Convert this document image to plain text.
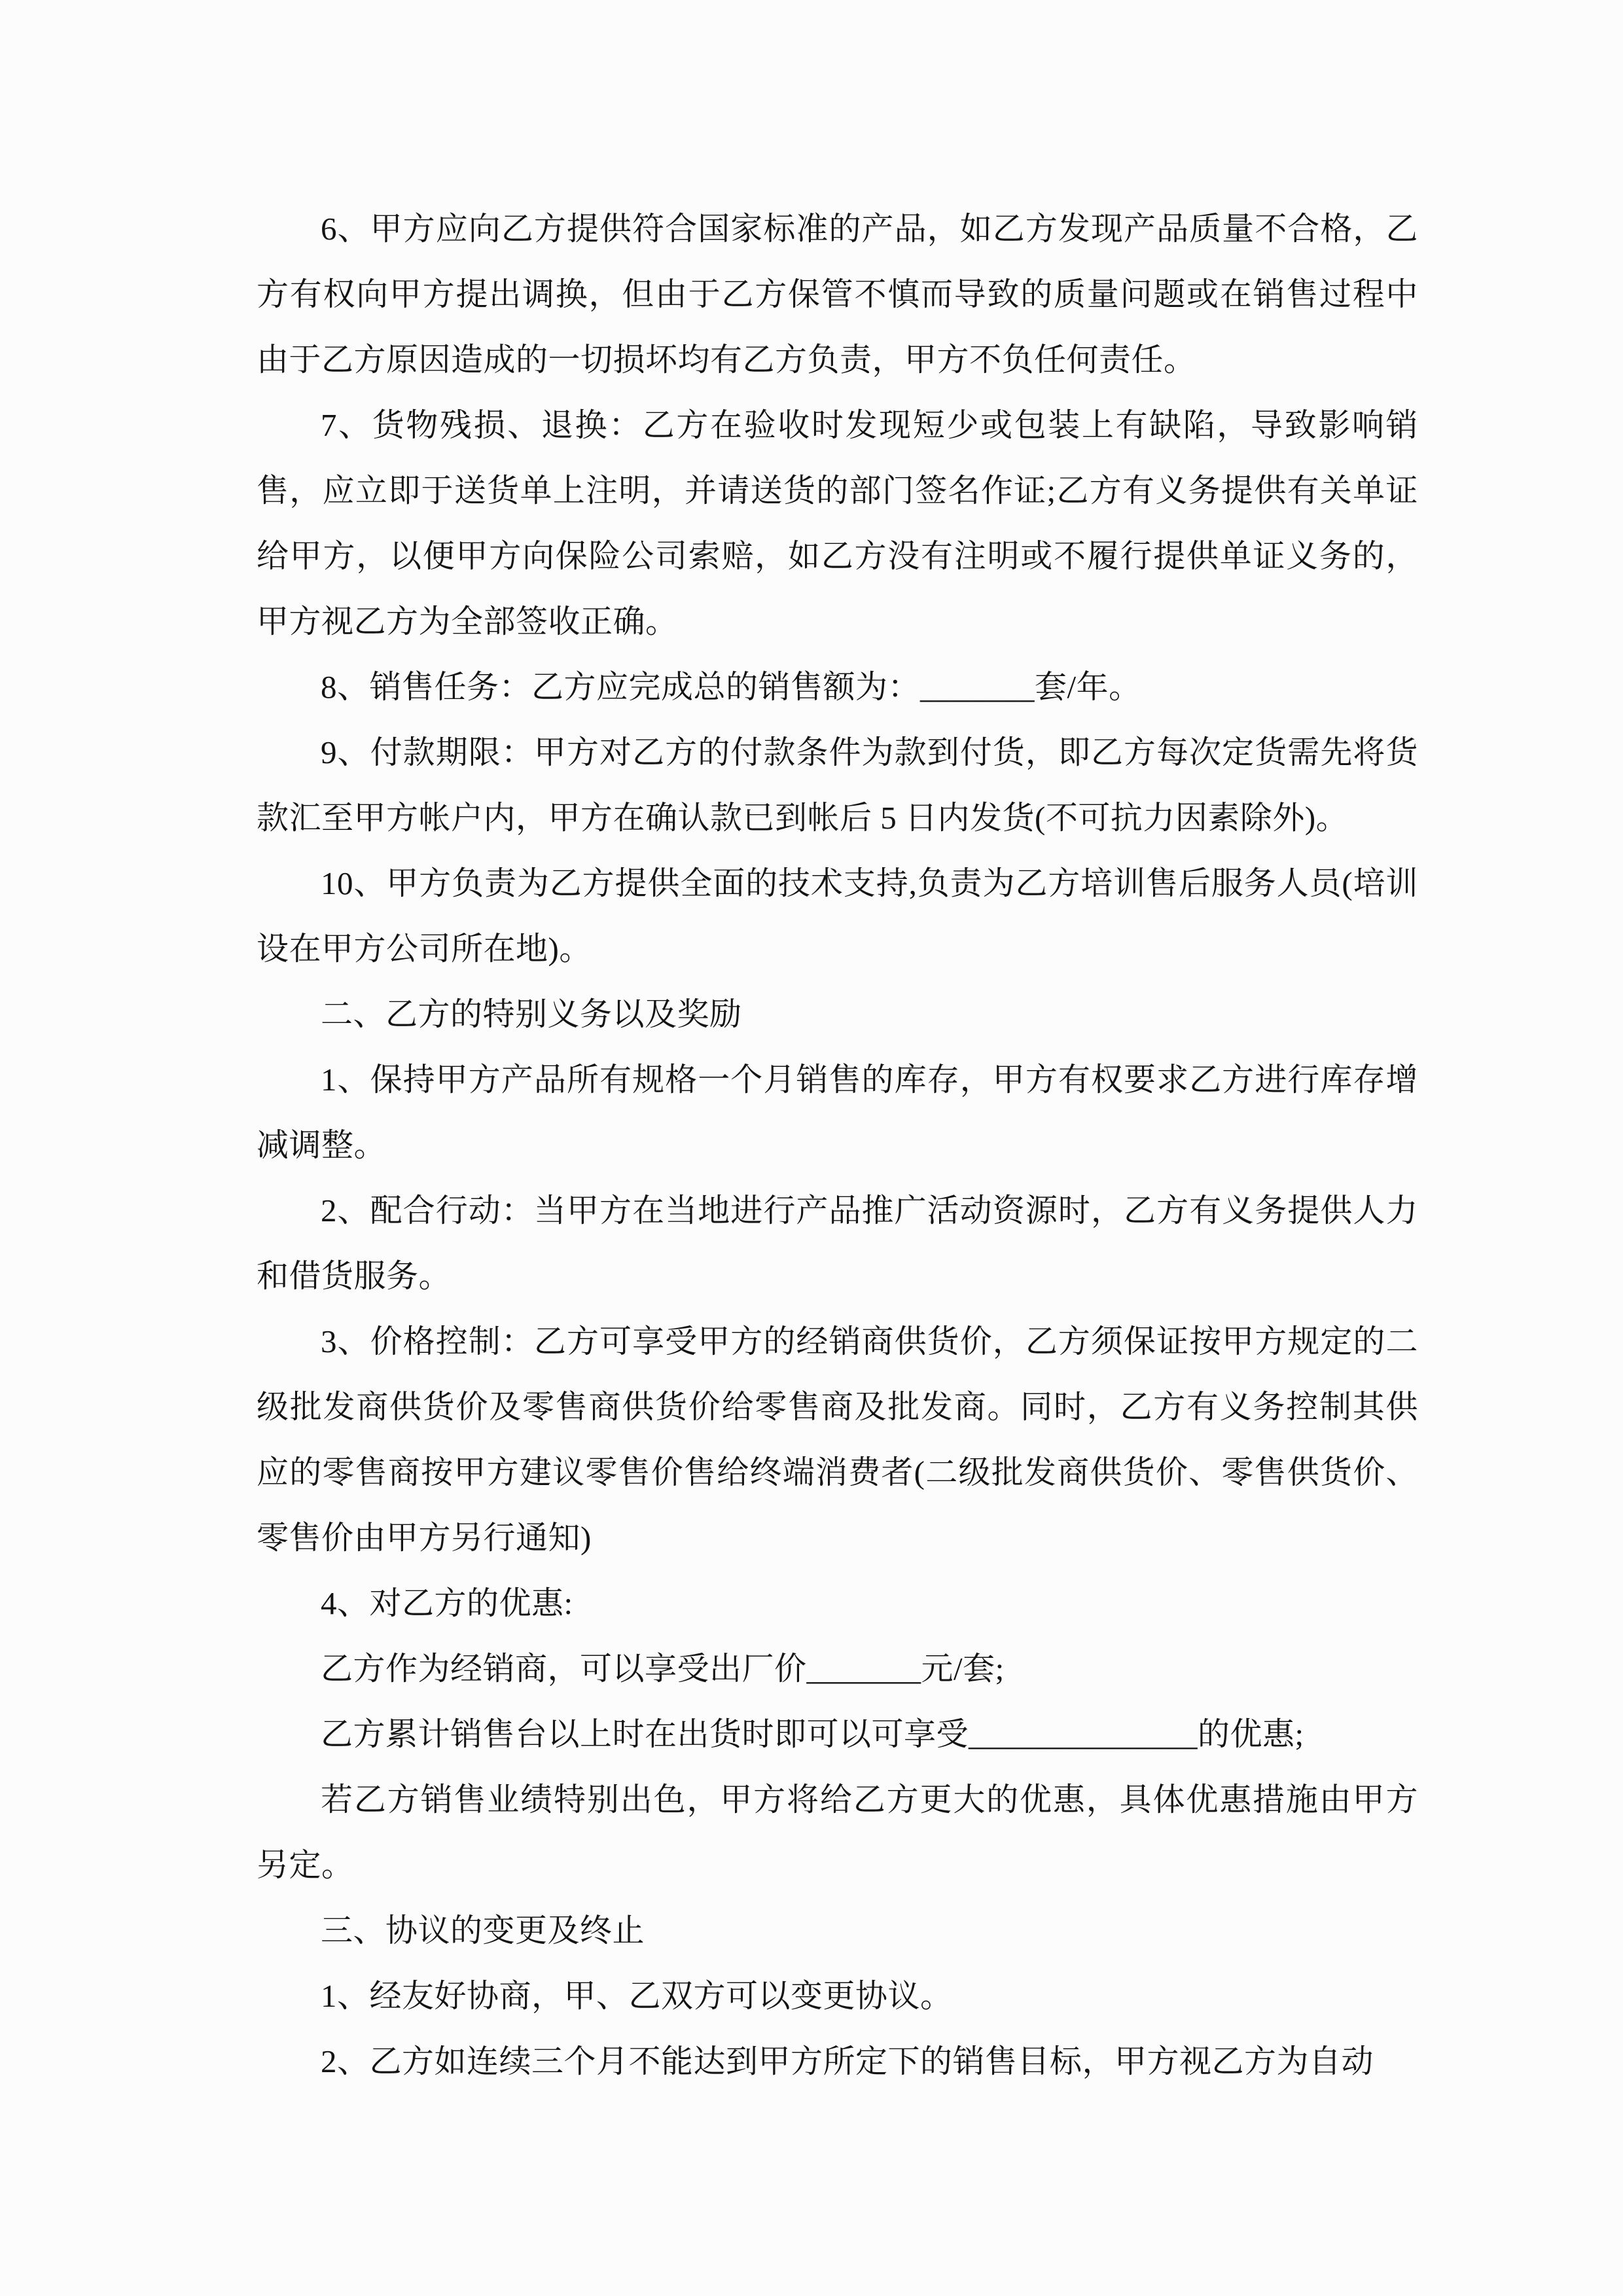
6、甲方应向乙方提供符合国家标准的产品，如乙方发现产品质量不合格，乙方有权向甲方提出调换，但由于乙方保管不慎而导致的质量问题或在销售过程中由于乙方原因造成的一切损坏均有乙方负责，甲方不负任何责任。

7、货物残损、退换：乙方在验收时发现短少或包装上有缺陷，导致影响销售，应立即于送货单上注明，并请送货的部门签名作证;乙方有义务提供有关单证给甲方，以便甲方向保险公司索赔，如乙方没有注明或不履行提供单证义务的，甲方视乙方为全部签收正确。

8、销售任务：乙方应完成总的销售额为：_______套/年。

9、付款期限：甲方对乙方的付款条件为款到付货，即乙方每次定货需先将货款汇至甲方帐户内，甲方在确认款已到帐后 5 日内发货(不可抗力因素除外)。

10、甲方负责为乙方提供全面的技术支持,负责为乙方培训售后服务人员(培训设在甲方公司所在地)。

二、乙方的特别义务以及奖励

1、保持甲方产品所有规格一个月销售的库存，甲方有权要求乙方进行库存增减调整。

2、配合行动：当甲方在当地进行产品推广活动资源时，乙方有义务提供人力和借货服务。

3、价格控制：乙方可享受甲方的经销商供货价，乙方须保证按甲方规定的二级批发商供货价及零售商供货价给零售商及批发商。同时，乙方有义务控制其供应的零售商按甲方建议零售价售给终端消费者(二级批发商供货价、零售供货价、零售价由甲方另行通知)

4、对乙方的优惠:

乙方作为经销商，可以享受出厂价_______元/套;

乙方累计销售台以上时在出货时即可以可享受______________的优惠;

若乙方销售业绩特别出色，甲方将给乙方更大的优惠，具体优惠措施由甲方另定。

三、协议的变更及终止

1、经友好协商，甲、乙双方可以变更协议。

2、乙方如连续三个月不能达到甲方所定下的销售目标，甲方视乙方为自动
